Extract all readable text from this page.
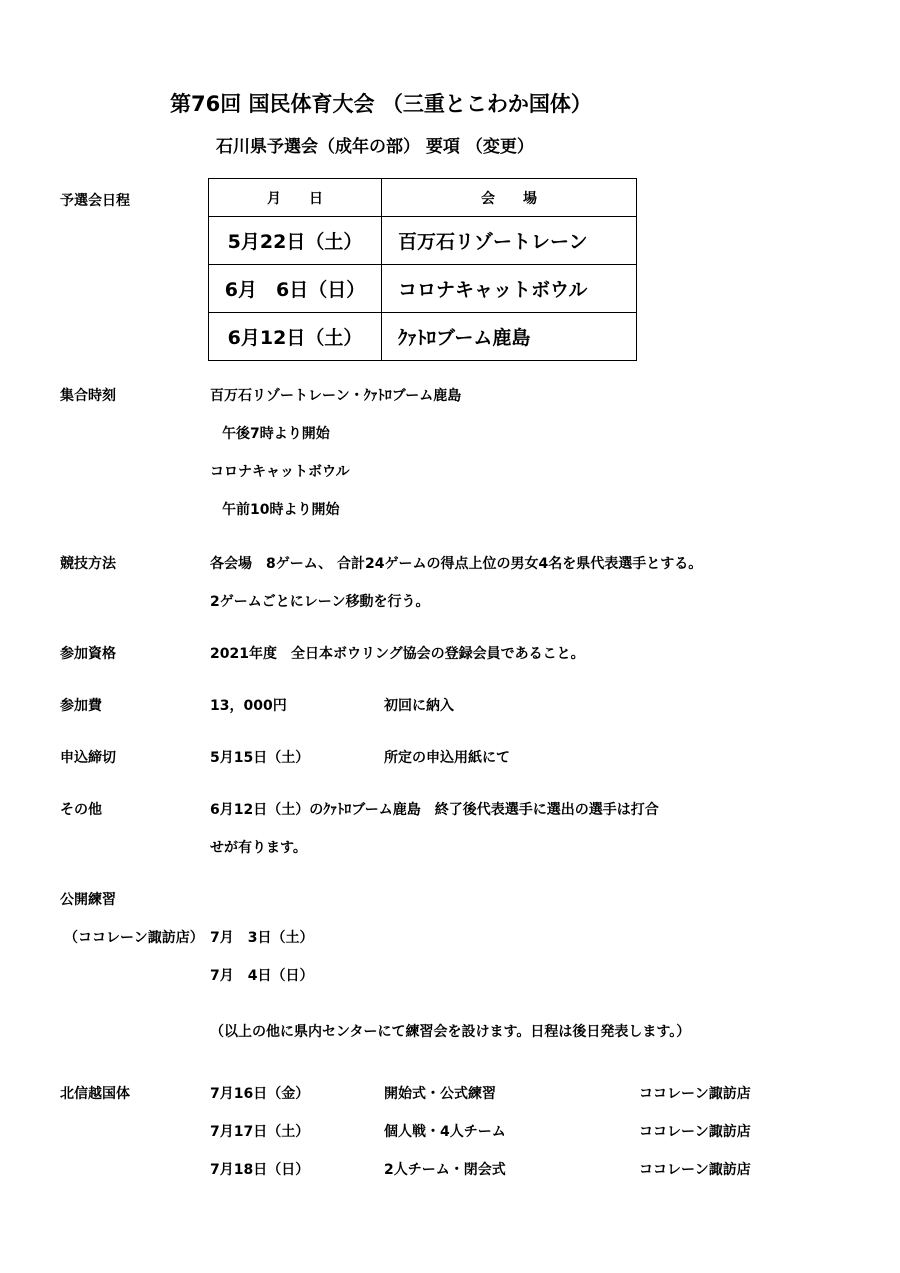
第76回 国民体育大会 （三重とこわか国体）
石川県予選会（成年の部） 要項 （変更）
予選会日程	月　　日	会　　場
5月22日（土）	百万石リゾートレーン
6月　6日（日）	コロナキャットボウル
6月12日（土）	ｸｧﾄﾛブーム鹿島
集合時刻	百万石リゾートレーン・ｸｧﾄﾛブーム鹿島
午後7時より開始
コロナキャットボウル
午前10時より開始
競技方法	各会場　8ゲーム、 合計24ゲームの得点上位の男女4名を県代表選手とする。
2ゲームごとにレーン移動を行う。
参加資格	2021年度　全日本ボウリング協会の登録会員であること。
参加費	13，000円	初回に納入
申込締切	5月15日（土）	所定の申込用紙にて
その他	6月12日（土）のｸｧﾄﾛブーム鹿島　終了後代表選手に選出の選手は打合
せが有ります。
公開練習
（ココレーン諏訪店） 7月　3日（土）
7月　4日（日）
（以上の他に県内センターにて練習会を設けます。日程は後日発表します。）
北信越国体	7月16日（金）	開始式・公式練習	ココレーン諏訪店
7月17日（土）	個人戦・4人チーム	ココレーン諏訪店
7月18日（日）	2人チーム・閉会式	ココレーン諏訪店
